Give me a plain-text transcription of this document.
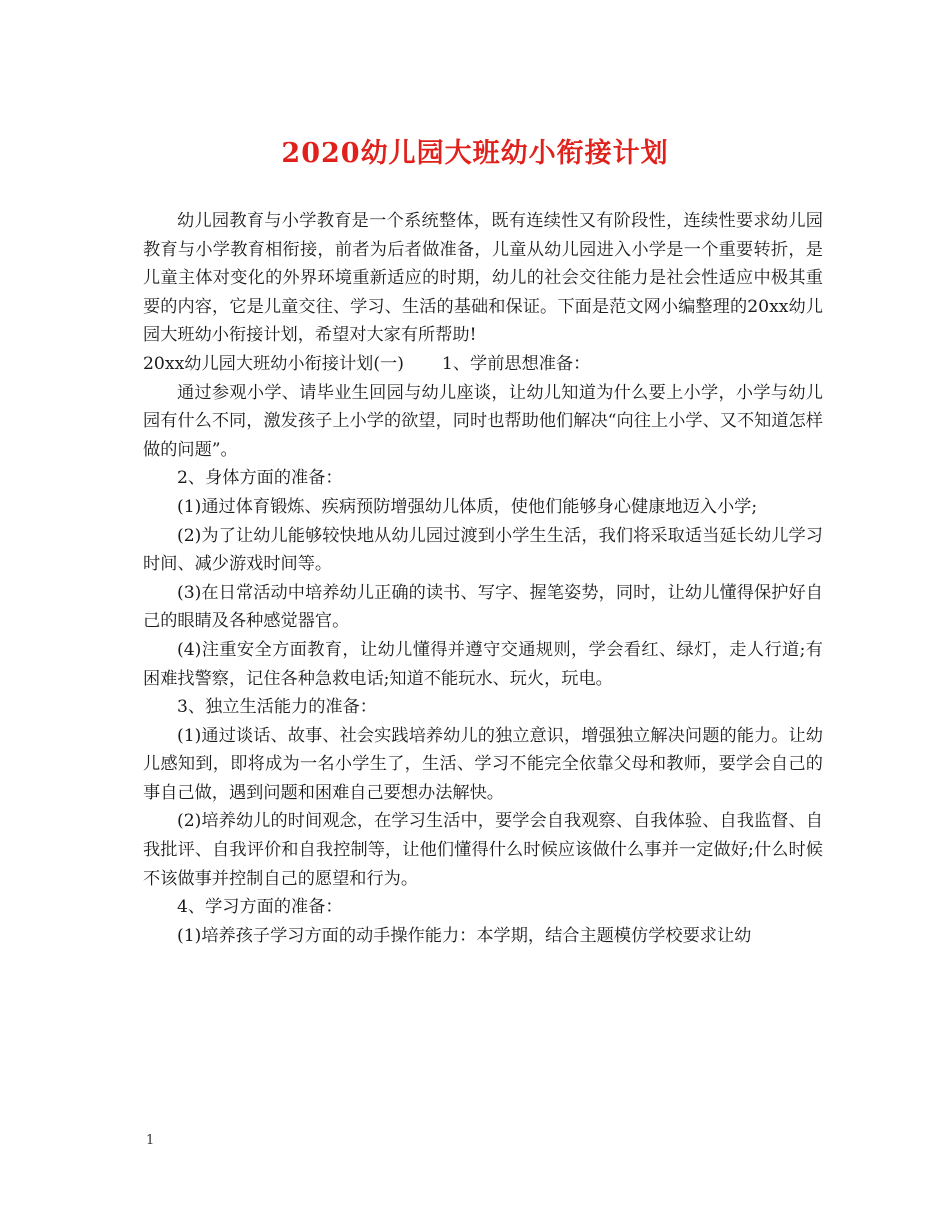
2020幼儿园大班幼小衔接计划

幼儿园教育与小学教育是一个系统整体，既有连续性又有阶段性，连续性要求幼儿园教育与小学教育相衔接，前者为后者做准备，儿童从幼儿园进入小学是一个重要转折，是儿童主体对变化的外界环境重新适应的时期，幼儿的社会交往能力是社会性适应中极其重要的内容，它是儿童交往、学习、生活的基础和保证。下面是范文网小编整理的20xx幼儿园大班幼小衔接计划，希望对大家有所帮助!

20xx幼儿园大班幼小衔接计划(一) 1、学前思想准备：

通过参观小学、请毕业生回园与幼儿座谈，让幼儿知道为什么要上小学，小学与幼儿园有什么不同，激发孩子上小学的欲望，同时也帮助他们解决“向往上小学、又不知道怎样做的问题”。

2、身体方面的准备：

(1)通过体育锻炼、疾病预防增强幼儿体质，使他们能够身心健康地迈入小学;

(2)为了让幼儿能够较快地从幼儿园过渡到小学生生活，我们将采取适当延长幼儿学习时间、减少游戏时间等。

(3)在日常活动中培养幼儿正确的读书、写字、握笔姿势，同时，让幼儿懂得保护好自己的眼睛及各种感觉器官。

(4)注重安全方面教育，让幼儿懂得并遵守交通规则，学会看红、绿灯，走人行道;有困难找警察，记住各种急救电话;知道不能玩水、玩火，玩电。

3、独立生活能力的准备：

(1)通过谈话、故事、社会实践培养幼儿的独立意识，增强独立解决问题的能力。让幼儿感知到，即将成为一名小学生了，生活、学习不能完全依靠父母和教师，要学会自己的事自己做，遇到问题和困难自己要想办法解快。

(2)培养幼儿的时间观念，在学习生活中，要学会自我观察、自我体验、自我监督、自我批评、自我评价和自我控制等，让他们懂得什么时候应该做什么事并一定做好;什么时候不该做事并控制自己的愿望和行为。

4、学习方面的准备：

(1)培养孩子学习方面的动手操作能力：本学期，结合主题模仿学校要求让幼

1
